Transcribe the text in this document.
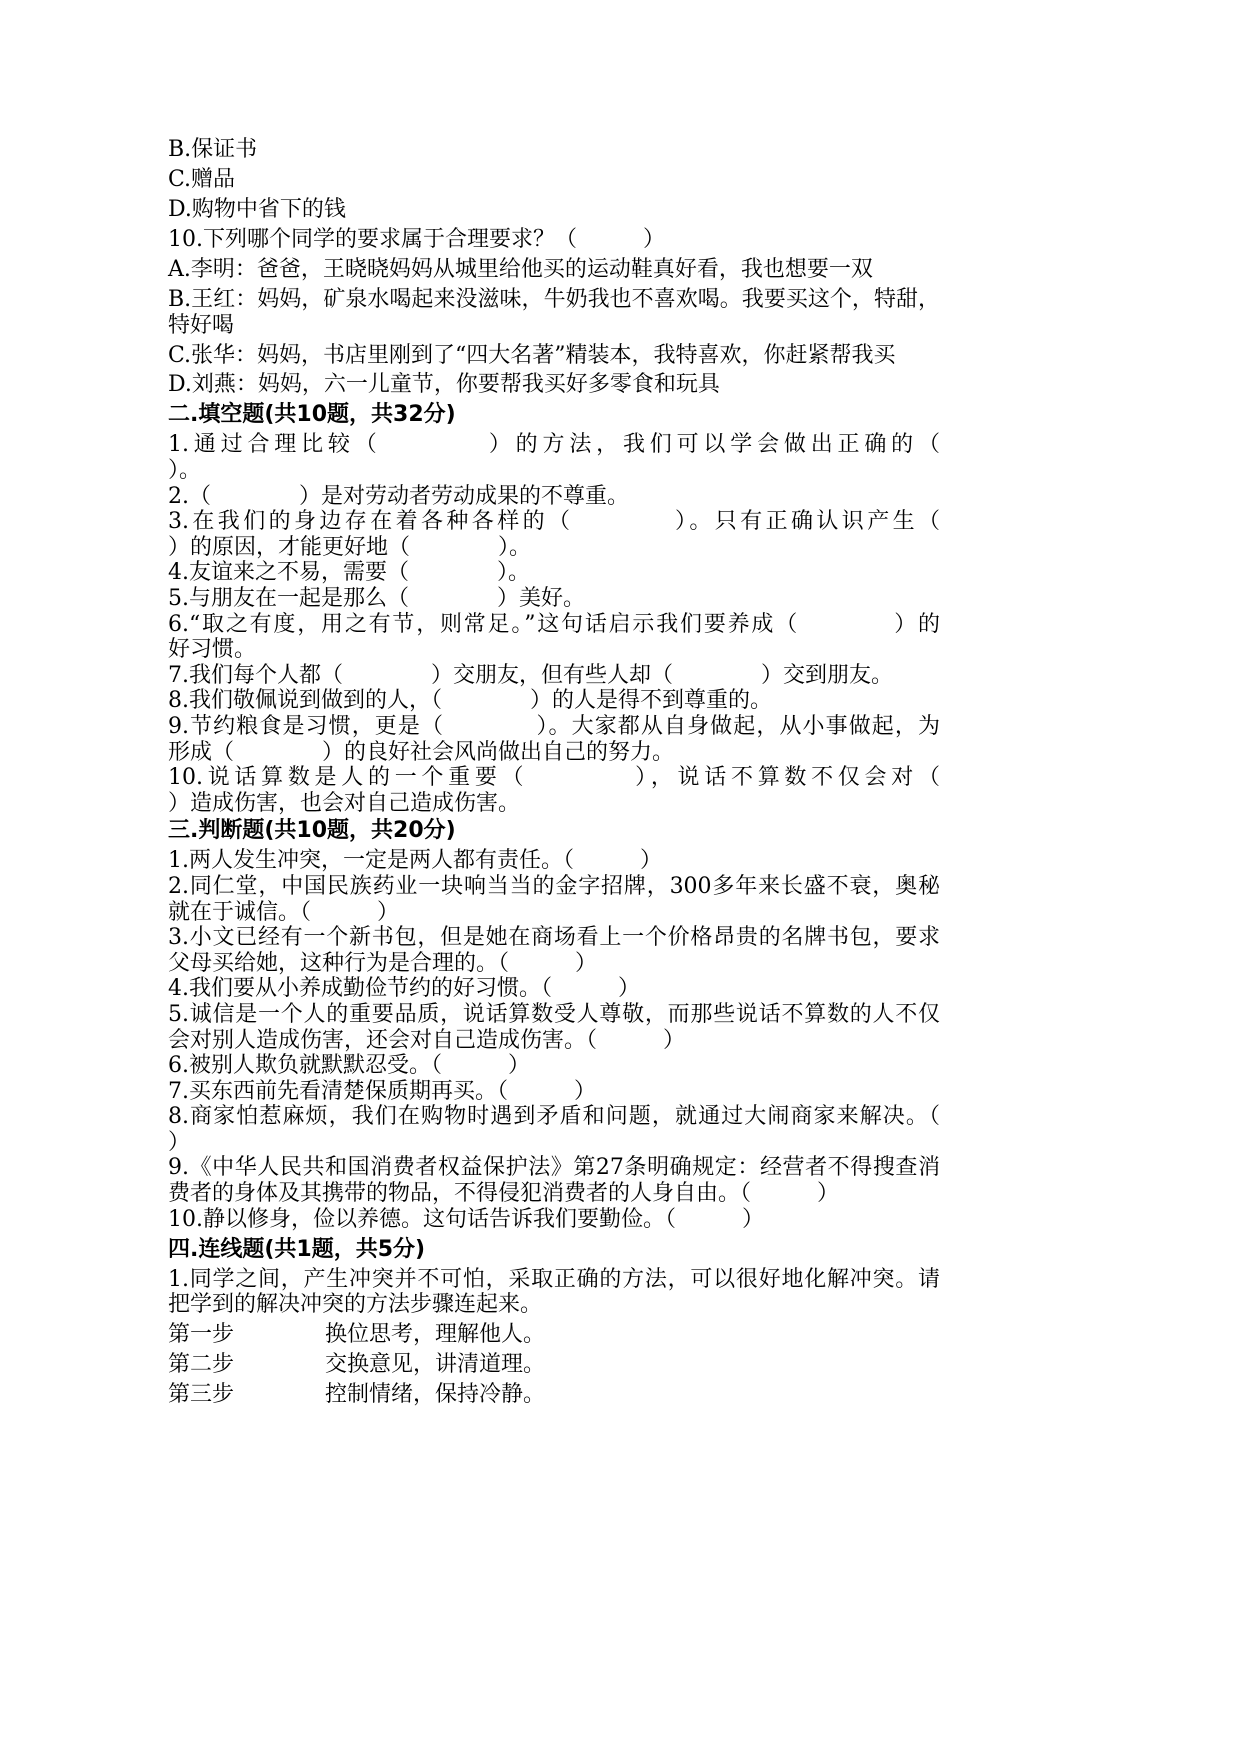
B.保证书
C.赠品
D.购物中省下的钱
10.下列哪个同学的要求属于合理要求？（　　　）
A.李明：爸爸，王晓晓妈妈从城里给他买的运动鞋真好看，我也想要一双
B.王红：妈妈，矿泉水喝起来没滋味，牛奶我也不喜欢喝。我要买这个，特甜，
特好喝
C.张华：妈妈，书店里刚到了“四大名著”精装本，我特喜欢，你赶紧帮我买
D.刘燕：妈妈，六一儿童节，你要帮我买好多零食和玩具
二.填空题(共10题，共32分)
1.通过合理比较（　　　　）的方法，我们可以学会做出正确的（
）。
2.（　　　　）是对劳动者劳动成果的不尊重。
3.在我们的身边存在着各种各样的（　　　　）。只有正确认识产生（
）的原因，才能更好地（　　　　）。
4.友谊来之不易，需要（　　　　）。
5.与朋友在一起是那么（　　　　）美好。
6.“取之有度，用之有节，则常足。”这句话启示我们要养成（　　　　）的
好习惯。
7.我们每个人都（　　　　）交朋友，但有些人却（　　　　）交到朋友。
8.我们敬佩说到做到的人，（　　　　）的人是得不到尊重的。
9.节约粮食是习惯，更是（　　　　）。大家都从自身做起，从小事做起，为
形成（　　　　）的良好社会风尚做出自己的努力。
10.说话算数是人的一个重要（　　　　），说话不算数不仅会对（
）造成伤害，也会对自己造成伤害。
三.判断题(共10题，共20分)
1.两人发生冲突，一定是两人都有责任。（　　　）
2.同仁堂，中国民族药业一块响当当的金字招牌，300多年来长盛不衰，奥秘
就在于诚信。（　　　）
3.小文已经有一个新书包，但是她在商场看上一个价格昂贵的名牌书包，要求
父母买给她，这种行为是合理的。（　　　）
4.我们要从小养成勤俭节约的好习惯。（　　　）
5.诚信是一个人的重要品质，说话算数受人尊敬，而那些说话不算数的人不仅
会对别人造成伤害，还会对自己造成伤害。（　　　）
6.被别人欺负就默默忍受。（　　　）
7.买东西前先看清楚保质期再买。（　　　）
8.商家怕惹麻烦，我们在购物时遇到矛盾和问题，就通过大闹商家来解决。（
）
9.《中华人民共和国消费者权益保护法》第27条明确规定：经营者不得搜查消
费者的身体及其携带的物品，不得侵犯消费者的人身自由。（　　　）
10.静以修身，俭以养德。这句话告诉我们要勤俭。（　　　）
四.连线题(共1题，共5分)
1.同学之间，产生冲突并不可怕，采取正确的方法，可以很好地化解冲突。请
把学到的解决冲突的方法步骤连起来。
第一步	换位思考，理解他人。
第二步	交换意见，讲清道理。
第三步	控制情绪，保持冷静。
